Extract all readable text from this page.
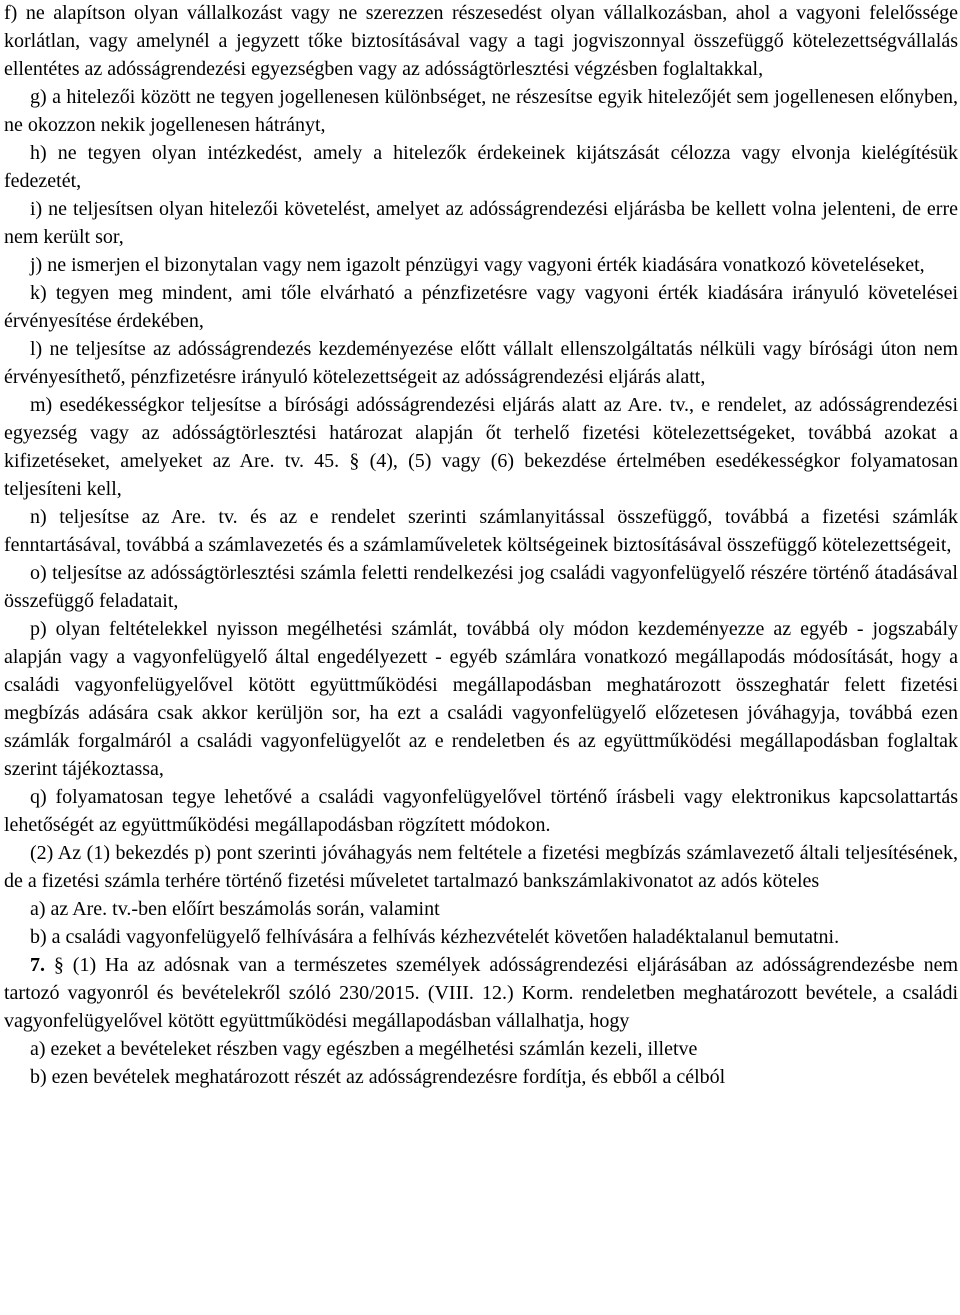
f) ne alapítson olyan vállalkozást vagy ne szerezzen részesedést olyan vállalkozásban, ahol a vagyoni felelőssége korlátlan, vagy amelynél a jegyzett tőke biztosításával vagy a tagi jogviszonnyal összefüggő kötelezettségvállalás ellentétes az adósságrendezési egyezségben vagy az adósságtörlesztési végzésben foglaltakkal,

g) a hitelezői között ne tegyen jogellenesen különbséget, ne részesítse egyik hitelezőjét sem jogellenesen előnyben, ne okozzon nekik jogellenesen hátrányt,

h) ne tegyen olyan intézkedést, amely a hitelezők érdekeinek kijátszását célozza vagy elvonja kielégítésük fedezetét,

i) ne teljesítsen olyan hitelezői követelést, amelyet az adósságrendezési eljárásba be kellett volna jelenteni, de erre nem került sor,

j) ne ismerjen el bizonytalan vagy nem igazolt pénzügyi vagy vagyoni érték kiadására vonatkozó követeléseket,

k) tegyen meg mindent, ami tőle elvárható a pénzfizetésre vagy vagyoni érték kiadására irányuló követelései érvényesítése érdekében,

l) ne teljesítse az adósságrendezés kezdeményezése előtt vállalt ellenszolgáltatás nélküli vagy bírósági úton nem érvényesíthető, pénzfizetésre irányuló kötelezettségeit az adósságrendezési eljárás alatt,

m) esedékességkor teljesítse a bírósági adósságrendezési eljárás alatt az Are. tv., e rendelet, az adósságrendezési egyezség vagy az adósságtörlesztési határozat alapján őt terhelő fizetési kötelezettségeket, továbbá azokat a kifizetéseket, amelyeket az Are. tv. 45. § (4), (5) vagy (6) bekezdése értelmében esedékességkor folyamatosan teljesíteni kell,

n) teljesítse az Are. tv. és az e rendelet szerinti számlanyitással összefüggő, továbbá a fizetési számlák fenntartásával, továbbá a számlavezetés és a számlaműveletek költségeinek biztosításával összefüggő kötelezettségeit,

o) teljesítse az adósságtörlesztési számla feletti rendelkezési jog családi vagyonfelügyelő részére történő átadásával összefüggő feladatait,

p) olyan feltételekkel nyisson megélhetési számlát, továbbá oly módon kezdeményezze az egyéb - jogszabály alapján vagy a vagyonfelügyelő által engedélyezett - egyéb számlára vonatkozó megállapodás módosítását, hogy a családi vagyonfelügyelővel kötött együttműködési megállapodásban meghatározott összeghatár felett fizetési megbízás adására csak akkor kerüljön sor, ha ezt a családi vagyonfelügyelő előzetesen jóváhagyja, továbbá ezen számlák forgalmáról a családi vagyonfelügyelőt az e rendeletben és az együttműködési megállapodásban foglaltak szerint tájékoztassa,

q) folyamatosan tegye lehetővé a családi vagyonfelügyelővel történő írásbeli vagy elektronikus kapcsolattartás lehetőségét az együttműködési megállapodásban rögzített módokon.

(2) Az (1) bekezdés p) pont szerinti jóváhagyás nem feltétele a fizetési megbízás számlavezető általi teljesítésének, de a fizetési számla terhére történő fizetési műveletet tartalmazó bankszámlakivonatot az adós köteles

a) az Are. tv.-ben előírt beszámolás során, valamint

b) a családi vagyonfelügyelő felhívására a felhívás kézhezvételét követően haladéktalanul bemutatni.

7. § (1) Ha az adósnak van a természetes személyek adósságrendezési eljárásában az adósságrendezésbe nem tartozó vagyonról és bevételekről szóló 230/2015. (VIII. 12.) Korm. rendeletben meghatározott bevétele, a családi vagyonfelügyelővel kötött együttműködési megállapodásban vállalhatja, hogy

a) ezeket a bevételeket részben vagy egészben a megélhetési számlán kezeli, illetve

b) ezen bevételek meghatározott részét az adósságrendezésre fordítja, és ebből a célból
